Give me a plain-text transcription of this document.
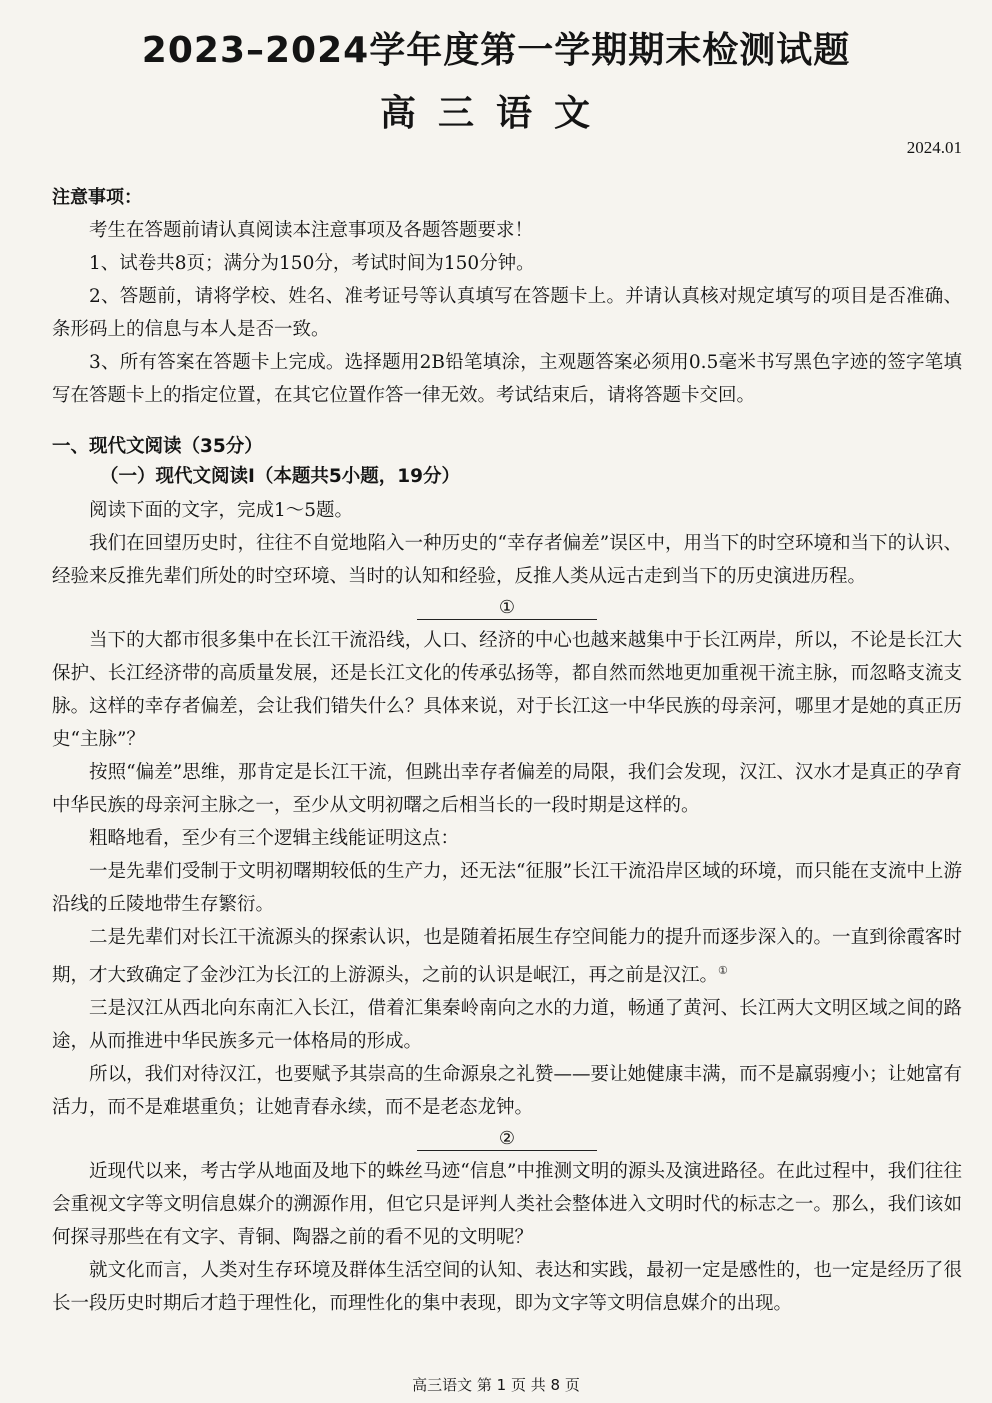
2023–2024学年度第一学期期末检测试题
高三语文
2024.01
注意事项：

考生在答题前请认真阅读本注意事项及各题答题要求！

1、试卷共8页；满分为150分，考试时间为150分钟。

2、答题前，请将学校、姓名、准考证号等认真填写在答题卡上。并请认真核对规定填写的项目是否准确、条形码上的信息与本人是否一致。

3、所有答案在答题卡上完成。选择题用2B铅笔填涂，主观题答案必须用0.5毫米书写黑色字迹的签字笔填写在答题卡上的指定位置，在其它位置作答一律无效。考试结束后，请将答题卡交回。

一、现代文阅读（35分）
（一）现代文阅读Ⅰ（本题共5小题，19分）

阅读下面的文字，完成1～5题。

我们在回望历史时，往往不自觉地陷入一种历史的“幸存者偏差”误区中，用当下的时空环境和当下的认识、经验来反推先辈们所处的时空环境、当时的认知和经验，反推人类从远古走到当下的历史演进历程。

①

当下的大都市很多集中在长江干流沿线，人口、经济的中心也越来越集中于长江两岸，所以，不论是长江大保护、长江经济带的高质量发展，还是长江文化的传承弘扬等，都自然而然地更加重视干流主脉，而忽略支流支脉。这样的幸存者偏差，会让我们错失什么？具体来说，对于长江这一中华民族的母亲河，哪里才是她的真正历史“主脉”？

按照“偏差”思维，那肯定是长江干流，但跳出幸存者偏差的局限，我们会发现，汉江、汉水才是真正的孕育中华民族的母亲河主脉之一，至少从文明初曙之后相当长的一段时期是这样的。

粗略地看，至少有三个逻辑主线能证明这点：

一是先辈们受制于文明初曙期较低的生产力，还无法“征服”长江干流沿岸区域的环境，而只能在支流中上游沿线的丘陵地带生存繁衍。

二是先辈们对长江干流源头的探索认识，也是随着拓展生存空间能力的提升而逐步深入的。一直到徐霞客时期，才大致确定了金沙江为长江的上游源头，之前的认识是岷江，再之前是汉江。①

三是汉江从西北向东南汇入长江，借着汇集秦岭南向之水的力道，畅通了黄河、长江两大文明区域之间的路途，从而推进中华民族多元一体格局的形成。

所以，我们对待汉江，也要赋予其崇高的生命源泉之礼赞——要让她健康丰满，而不是羸弱瘦小；让她富有活力，而不是难堪重负；让她青春永续，而不是老态龙钟。

②

近现代以来，考古学从地面及地下的蛛丝马迹“信息”中推测文明的源头及演进路径。在此过程中，我们往往会重视文字等文明信息媒介的溯源作用，但它只是评判人类社会整体进入文明时代的标志之一。那么，我们该如何探寻那些在有文字、青铜、陶器之前的看不见的文明呢？

就文化而言，人类对生存环境及群体生活空间的认知、表达和实践，最初一定是感性的，也一定是经历了很长一段历史时期后才趋于理性化，而理性化的集中表现，即为文字等文明信息媒介的出现。

高三语文 第 1 页 共 8 页
